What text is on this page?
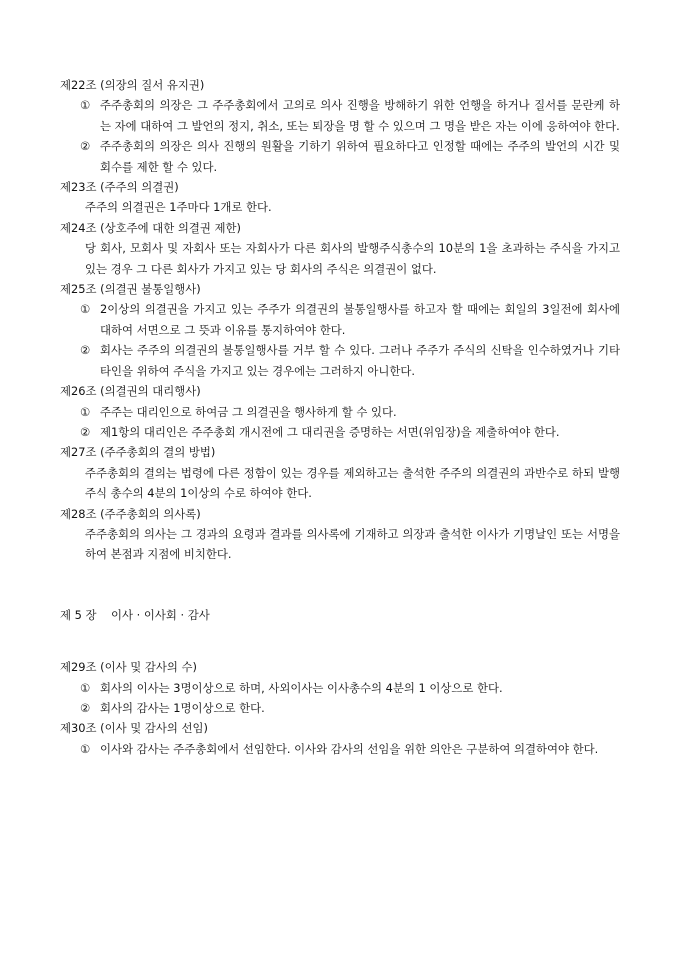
제22조 (의장의 질서 유지권)
① 주주총회의 의장은 그 주주총회에서 고의로 의사 진행을 방해하기 위한 언행을 하거나 질서를 문란케 하는 자에 대하여 그 발언의 정지, 취소, 또는 퇴장을 명 할 수 있으며 그 명을 받은 자는 이에 응하여야 한다.
② 주주총회의 의장은 의사 진행의 원활을 기하기 위하여 필요하다고 인정할 때에는 주주의 발언의 시간 및 회수를 제한 할 수 있다.
제23조 (주주의 의결권)
주주의 의결권은 1주마다 1개로 한다.
제24조 (상호주에 대한 의결권 제한)
당 회사, 모회사 및 자회사 또는 자회사가 다른 회사의 발행주식총수의 10분의 1을 초과하는 주식을 가지고 있는 경우 그 다른 회사가 가지고 있는 당 회사의 주식은 의결권이 없다.
제25조 (의결권 불통일행사)
① 2이상의 의결권을 가지고 있는 주주가 의결권의 불통일행사를 하고자 할 때에는 회일의 3일전에 회사에 대하여 서면으로 그 뜻과 이유를 통지하여야 한다.
② 회사는 주주의 의결권의 불통일행사를 거부 할 수 있다. 그러나 주주가 주식의 신탁을 인수하였거나 기타 타인을 위하여 주식을 가지고 있는 경우에는 그러하지 아니한다.
제26조 (의결권의 대리행사)
① 주주는 대리인으로 하여금 그 의결권을 행사하게 할 수 있다.
② 제1항의 대리인은 주주총회 개시전에 그 대리권을 증명하는 서면(위임장)을 제출하여야 한다.
제27조 (주주총회의 결의 방법)
주주총회의 결의는 법령에 다른 정함이 있는 경우를 제외하고는 출석한 주주의 의결권의 과반수로 하되 발행주식 총수의 4분의 1이상의 수로 하여야 한다.
제28조 (주주총회의 의사록)
주주총회의 의사는 그 경과의 요령과 결과를 의사록에 기재하고 의장과 출석한 이사가 기명날인 또는 서명을 하여 본점과 지점에 비치한다.
제 5 장    이사 · 이사회 · 감사
제29조 (이사 및 감사의 수)
① 회사의 이사는 3명이상으로 하며, 사외이사는 이사총수의 4분의 1 이상으로 한다.
② 회사의 감사는 1명이상으로 한다.
제30조 (이사 및 감사의 선임)
① 이사와 감사는 주주총회에서 선임한다. 이사와 감사의 선임을 위한 의안은 구분하여 의결하여야 한다.
